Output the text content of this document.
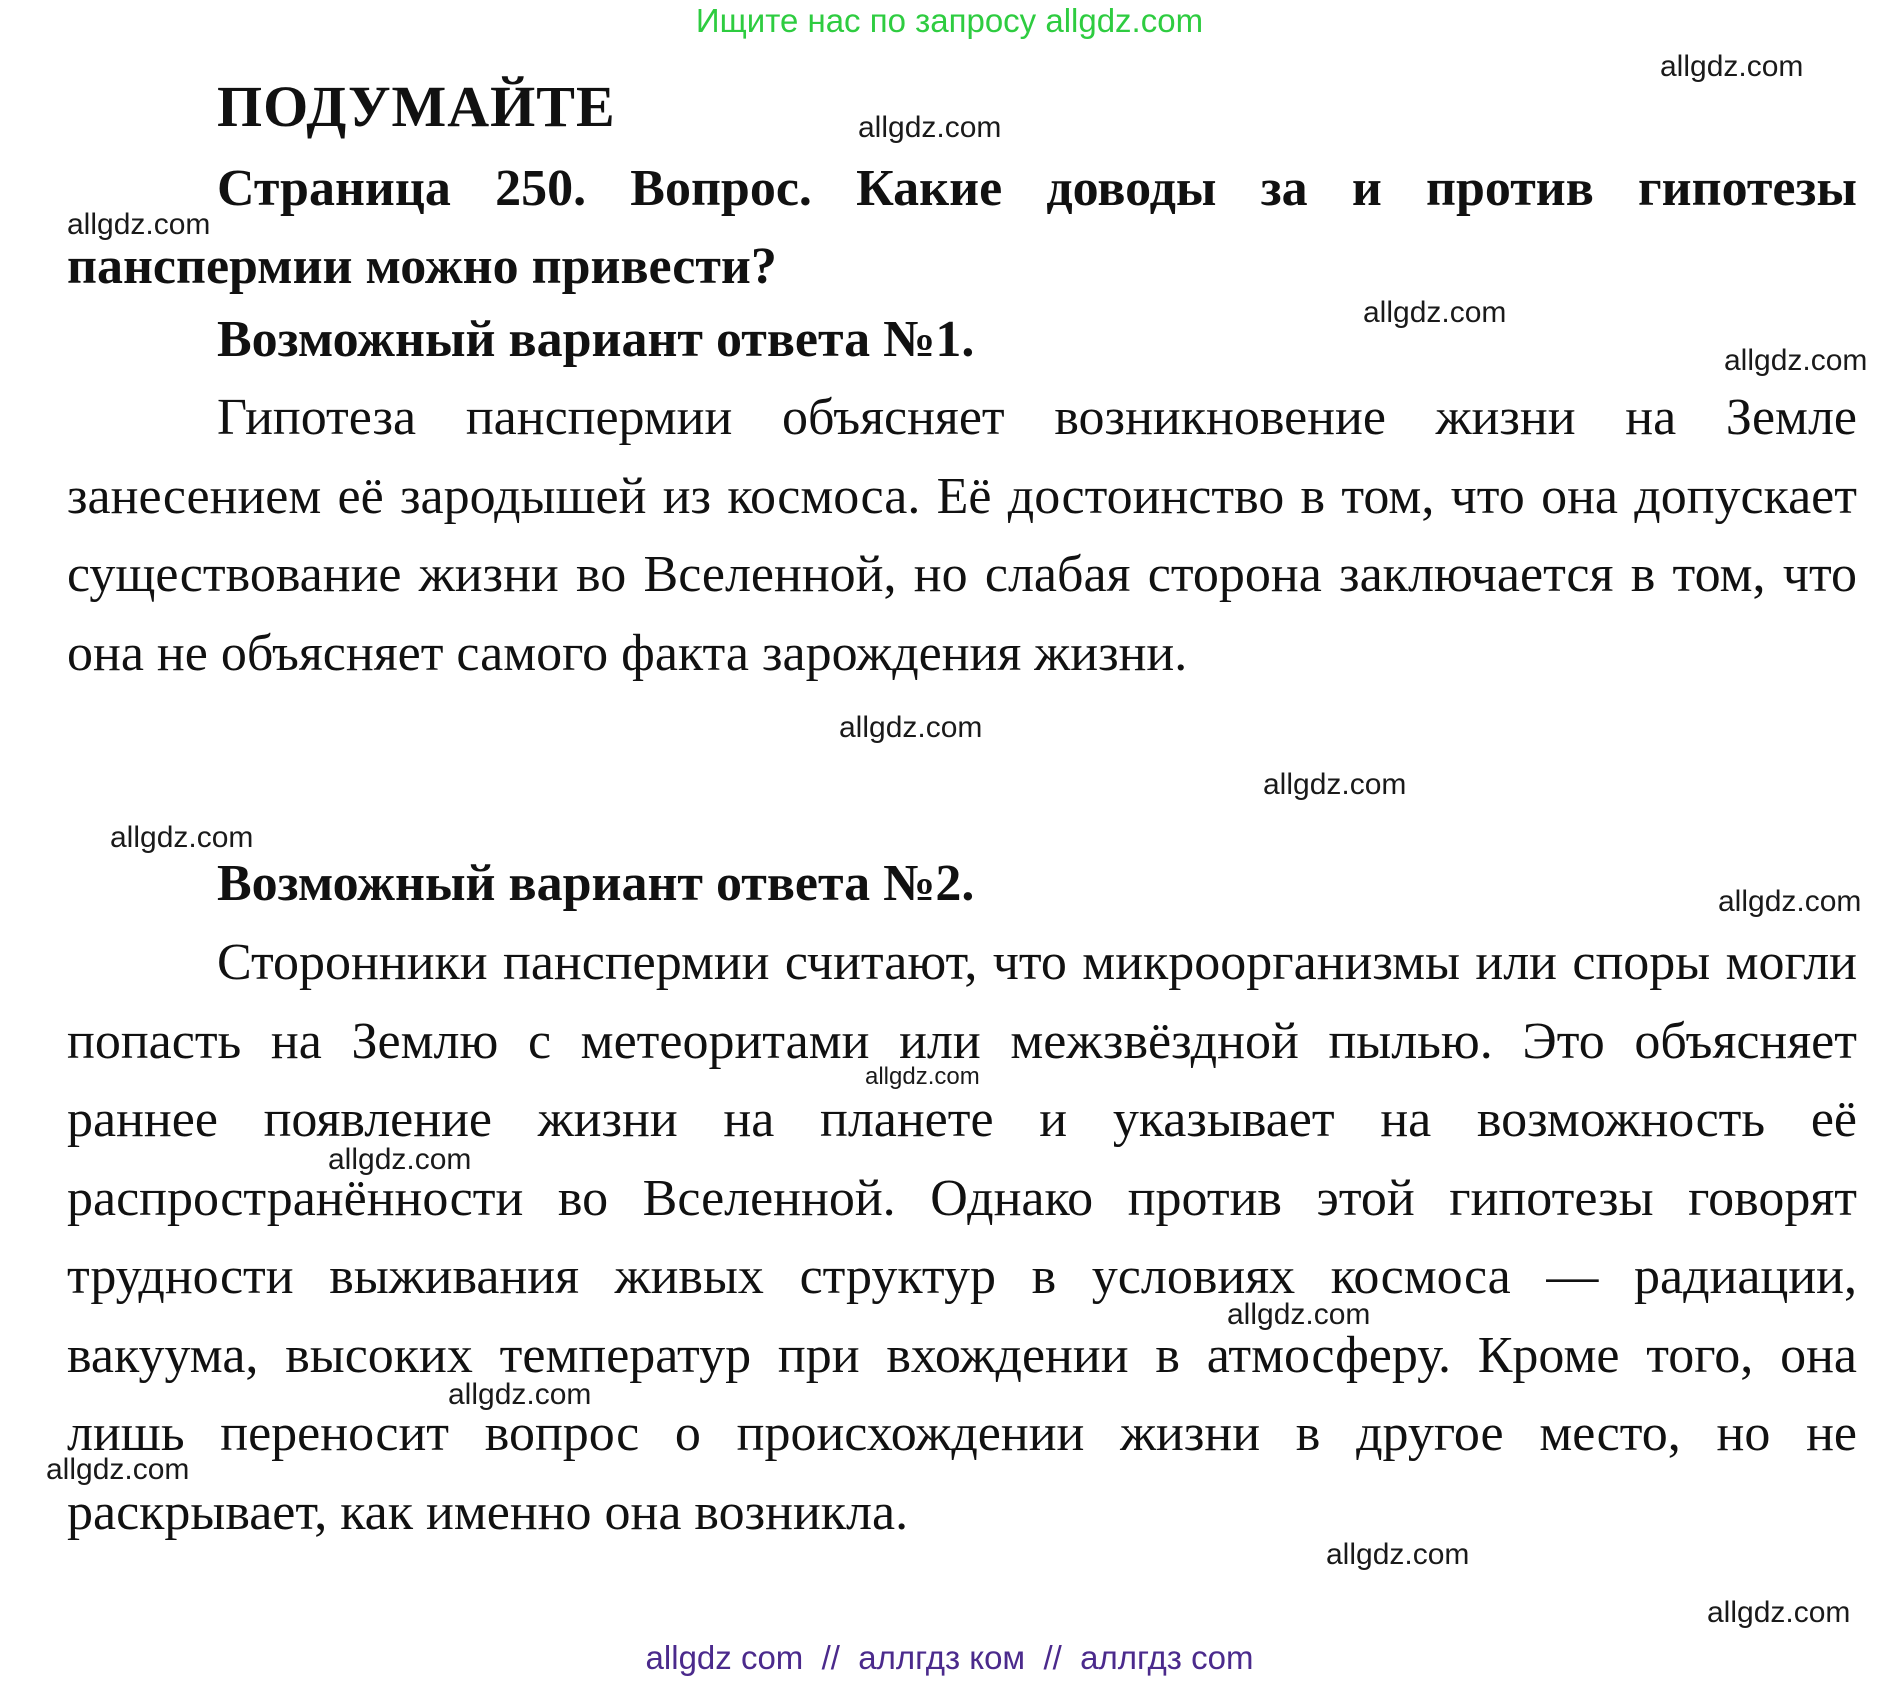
Ищите нас по запросу allgdz.com
ПОДУМАЙТЕ
Страница 250. Вопрос. Какие доводы за и против гипотезы панспермии можно привести?
Возможный вариант ответа №1.

Гипотеза панспермии объясняет возникновение жизни на Земле занесением её зародышей из космоса. Её достоинство в том, что она допускает существование жизни во Вселенной, но слабая сторона заключается в том, что она не объясняет самого факта зарождения жизни.

Возможный вариант ответа №2.

Сторонники панспермии считают, что микроорганизмы или споры могли попасть на Землю с метеоритами или межзвёздной пылью. Это объясняет раннее появление жизни на планете и указывает на возможность её распространённости во Вселенной. Однако против этой гипотезы говорят трудности выживания живых структур в условиях космоса — радиации, вакуума, высоких температур при вхождении в атмосферу. Кроме того, она лишь переносит вопрос о происхождении жизни в другое место, но не раскрывает, как именно она возникла.

allgdz.com
allgdz.com
allgdz.com
allgdz.com
allgdz.com
allgdz.com
allgdz.com
allgdz.com
allgdz.com
allgdz.com
allgdz.com
allgdz.com
allgdz.com
allgdz.com
allgdz.com
allgdz.com
allgdz com  //  аллгдз ком  //  аллгдз com
